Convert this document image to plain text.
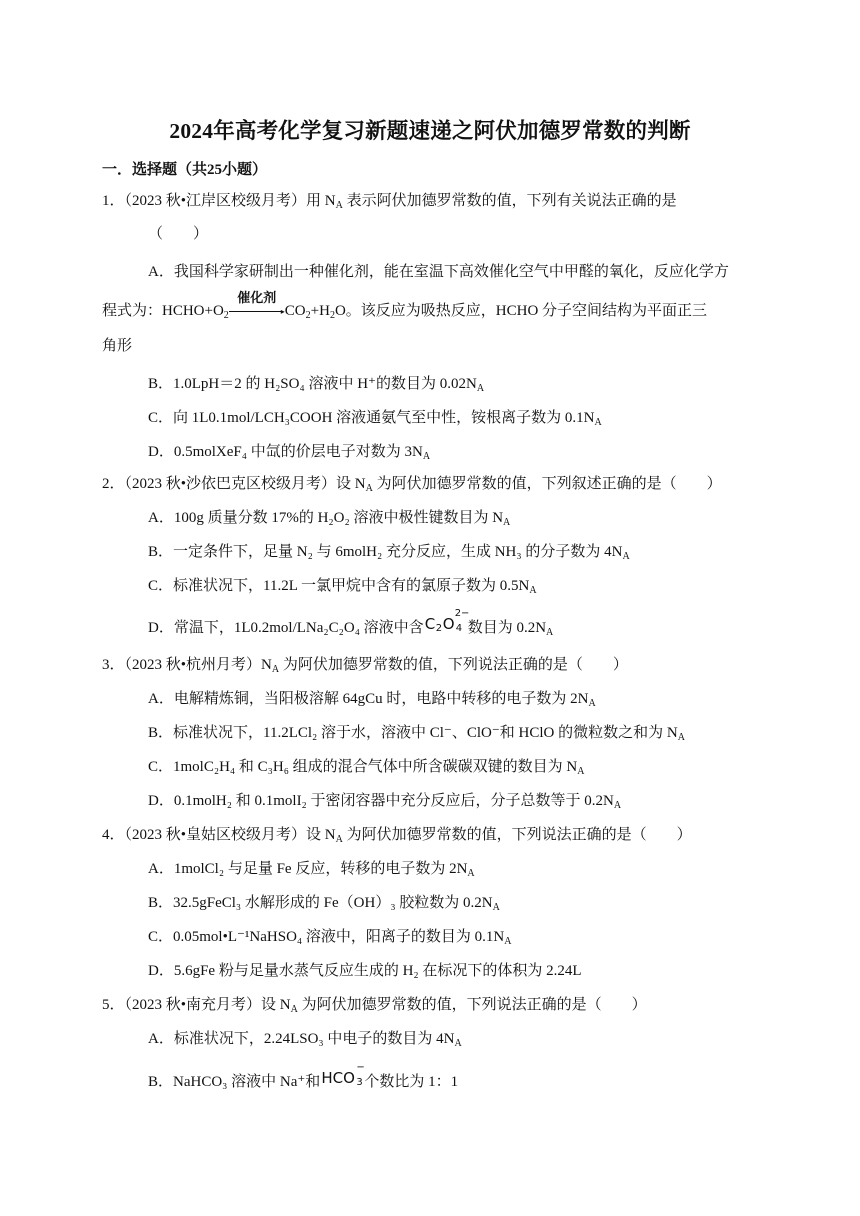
2024年高考化学复习新题速递之阿伏加德罗常数的判断
一．选择题（共25小题）
1．（2023 秋•江岸区校级月考）用 $N_A$ 表示阿伏加德罗常数的值，下列有关说法正确的是
（　　）
A．我国科学家研制出一种催化剂，能在室温下高效催化空气中甲醛的氧化，反应化学方
程式为：$HCHO+O_2$
催化剂
▸ $CO_2+H_2O$。该反应为吸热反应，HCHO 分子空间结构为平面正三
角形
B．1.0LpH＝2 的 H₂SO₄ 溶液中 H⁺的数目为 $0.02N_A$
C．向 1L0.1mol/LCH₃COOH 溶液通氨气至中性，铵根离子数为 $0.1N_A$
D．0.5molXeF₄ 中氙的价层电子对数为 $3N_A$
2．（2023 秋•沙依巴克区校级月考）设 $N_A$ 为阿伏加德罗常数的值，下列叙述正确的是（　　）
A．100g 质量分数 17%的 H₂O₂ 溶液中极性键数目为 $N_A$
B．一定条件下，足量 N₂ 与 6molH₂ 充分反应，生成 NH₃ 的分子数为 $4N_A$
C．标准状况下，11.2L 一氯甲烷中含有的氯原子数为 $0.5N_A$
D．常温下，1L0.2mol/LNa₂C₂O₄ 溶液中含 C 2 O
2−
4 数目为 $0.2N_A$
3．（2023 秋•杭州月考）$N_A$ 为阿伏加德罗常数的值，下列说法正确的是（　　）
A．电解精炼铜，当阳极溶解 64gCu 时，电路中转移的电子数为 $2N_A$
B．标准状况下，11.2LCl₂ 溶于水，溶液中 Cl⁻、ClO⁻和 HClO 的微粒数之和为 $N_A$
C．1molC₂H₄ 和 C₃H₆ 组成的混合气体中所含碳碳双键的数目为 $N_A$
D．0.1molH₂ 和 0.1molI₂ 于密闭容器中充分反应后，分子总数等于 $0.2N_A$
4．（2023 秋•皇姑区校级月考）设 $N_A$ 为阿伏加德罗常数的值，下列说法正确的是（　　）
A．1molCl₂ 与足量 Fe 反应，转移的电子数为 $2N_A$
B．32.5gFeCl₃ 水解形成的 Fe（OH）₃ 胶粒数为 $0.2N_A$
C．0.05mol•L⁻¹NaHSO₄ 溶液中，阳离子的数目为 $0.1N_A$
D．5.6gFe 粉与足量水蒸气反应生成的 H₂ 在标况下的体积为 2.24L
5．（2023 秋•南充月考）设 $N_A$ 为阿伏加德罗常数的值，下列说法正确的是（　　）
A．标准状况下，2.24LSO₃ 中电子的数目为 $4N_A$
B．NaHCO₃ 溶液中 Na⁺和 HCO
−
3 个数比为 1：1
